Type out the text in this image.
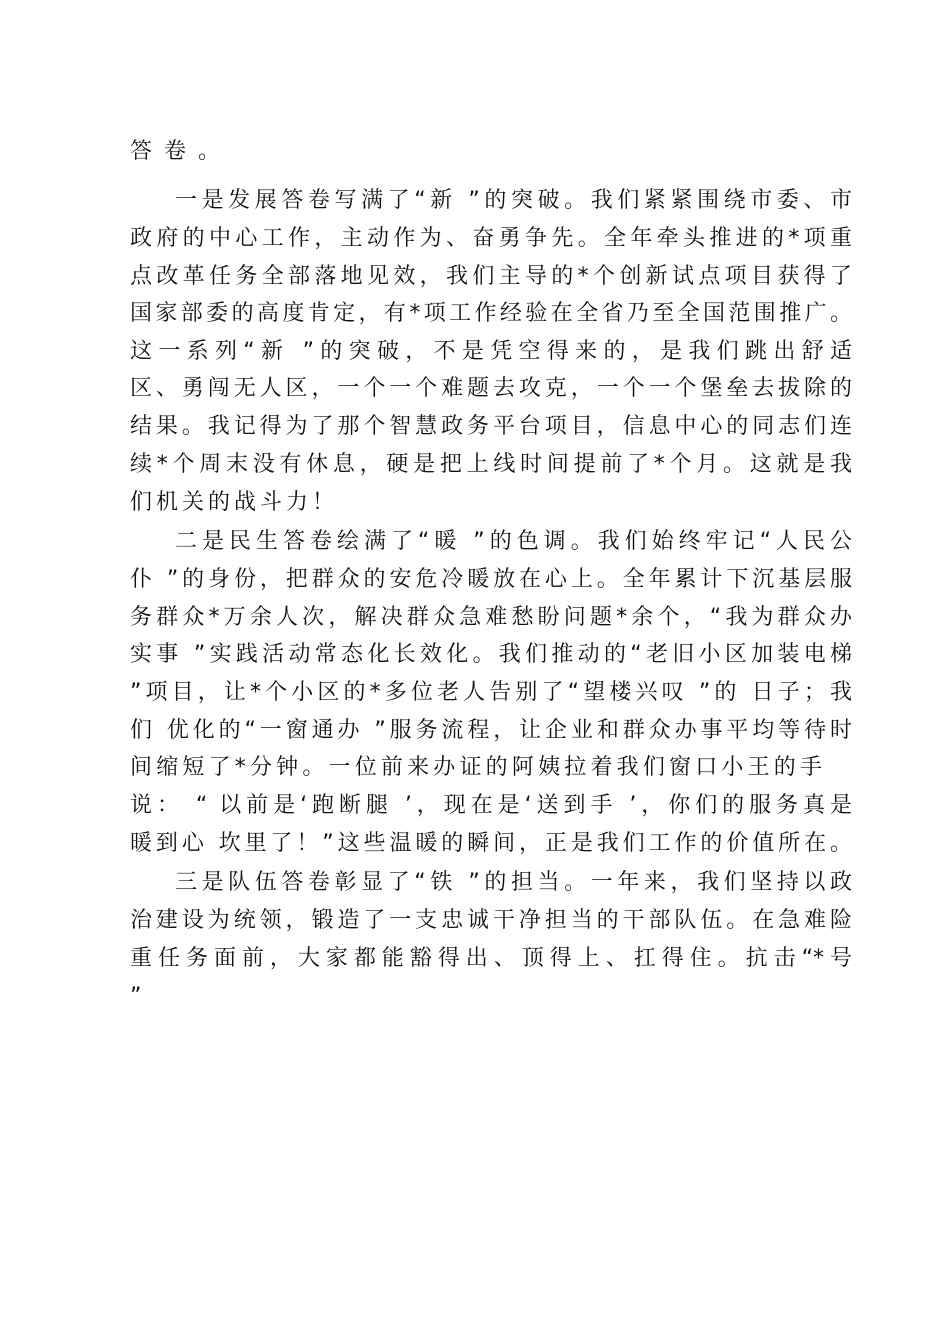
答卷。
一是发展答卷写满了“新 ”的突破。我们紧紧围绕市委、市
政府的中心工作，主动作为、奋勇争先。全年牵头推进的*项重
点改革任务全部落地见效，我们主导的*个创新试点项目获得了
国家部委的高度肯定，有*项工作经验在全省乃至全国范围推广。
这一系列“新 ”的突破，不是凭空得来的，是我们跳出舒适
区、勇闯无人区，一个一个难题去攻克，一个一个堡垒去拔除的
结果。我记得为了那个智慧政务平台项目，信息中心的同志们连
续*个周末没有休息，硬是把上线时间提前了*个月。这就是我
们机关的战斗力！
二是民生答卷绘满了“暖 ”的色调。我们始终牢记“人民公
仆 ”的身份，把群众的安危冷暖放在心上。全年累计下沉基层服
务群众*万余人次，解决群众急难愁盼问题*余个，“我为群众办
实事 ”实践活动常态化长效化。我们推动的“老旧小区加装电梯
”项目，让*个小区的*多位老人告别了“望楼兴叹 ”的 日子；我
们 优化的“一窗通办 ”服务流程，让企业和群众办事平均等待时
间缩短了*分钟。一位前来办证的阿姨拉着我们窗口小王的手
说： “ 以前是‘跑断腿 ’，现在是‘送到手 ’，你们的服务真是
暖到心 坎里了！”这些温暖的瞬间，正是我们工作的价值所在。
三是队伍答卷彰显了“铁 ”的担当。一年来，我们坚持以政
治建设为统领，锻造了一支忠诚干净担当的干部队伍。在急难险
重任务面前，大家都能豁得出、顶得上、扛得住。抗击“*号
”
